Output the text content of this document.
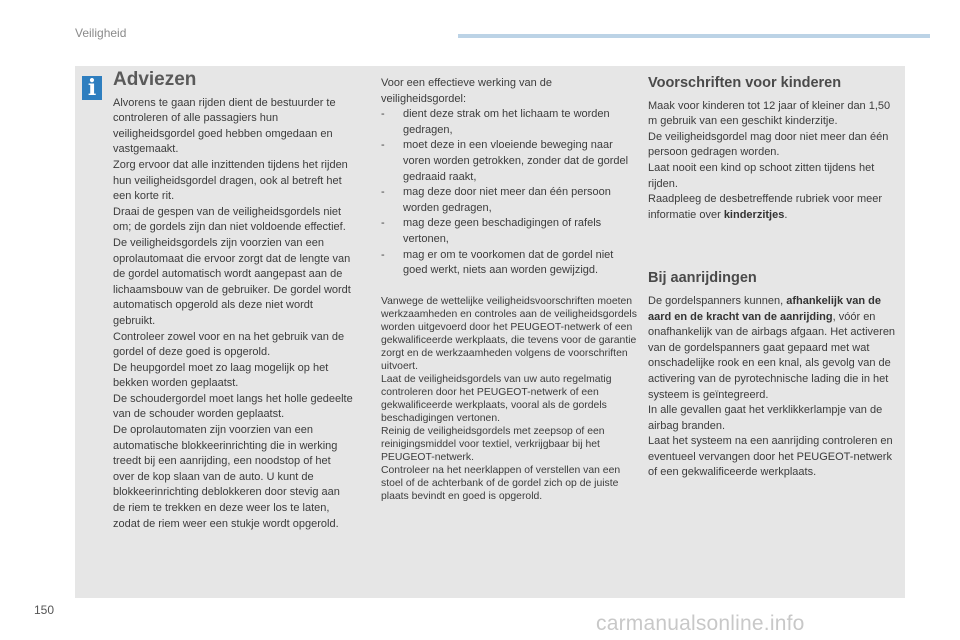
Veiligheid
i Adviezen

Alvorens te gaan rijden dient de bestuurder te controleren of alle passagiers hun veiligheidsgordel goed hebben omgedaan en vastgemaakt.
Zorg ervoor dat alle inzittenden tijdens het rijden hun veiligheidsgordel dragen, ook al betreft het een korte rit.
Draai de gespen van de veiligheidsgordels niet om; de gordels zijn dan niet voldoende effectief.
De veiligheidsgordels zijn voorzien van een oprolautomaat die ervoor zorgt dat de lengte van de gordel automatisch wordt aangepast aan de lichaamsbouw van de gebruiker. De gordel wordt automatisch opgerold als deze niet wordt gebruikt.
Controleer zowel voor en na het gebruik van de gordel of deze goed is opgerold.
De heupgordel moet zo laag mogelijk op het bekken worden geplaatst.
De schoudergordel moet langs het holle gedeelte van de schouder worden geplaatst.
De oprolautomaten zijn voorzien van een automatische blokkeerinrichting die in werking treedt bij een aanrijding, een noodstop of het over de kop slaan van de auto. U kunt de blokkeerinrichting deblokkeren door stevig aan de riem te trekken en deze weer los te laten, zodat de riem weer een stukje wordt opgerold.

Voor een effectieve werking van de veiligheidsgordel:

- dient deze strak om het lichaam te worden gedragen,
- moet deze in een vloeiende beweging naar voren worden getrokken, zonder dat de gordel gedraaid raakt,
- mag deze door niet meer dan één persoon worden gedragen,
- mag deze geen beschadigingen of rafels vertonen,
- mag er om te voorkomen dat de gordel niet goed werkt, niets aan worden gewijzigd.

Vanwege de wettelijke veiligheidsvoorschriften moeten werkzaamheden en controles aan de veiligheidsgordels worden uitgevoerd door het PEUGEOT-netwerk of een gekwalificeerde werkplaats, die tevens voor de garantie zorgt en de werkzaamheden volgens de voorschriften uitvoert.
Laat de veiligheidsgordels van uw auto regelmatig controleren door het PEUGEOT-netwerk of een gekwalificeerde werkplaats, vooral als de gordels beschadigingen vertonen.
Reinig de veiligheidsgordels met zeepsop of een reinigingsmiddel voor textiel, verkrijgbaar bij het PEUGEOT-netwerk.
Controleer na het neerklappen of verstellen van een stoel of de achterbank of de gordel zich op de juiste plaats bevindt en goed is opgerold.

Voorschriften voor kinderen

Maak voor kinderen tot 12 jaar of kleiner dan 1,50 m gebruik van een geschikt kinderzitje.
De veiligheidsgordel mag door niet meer dan één persoon gedragen worden.
Laat nooit een kind op schoot zitten tijdens het rijden.
Raadpleeg de desbetreffende rubriek voor meer informatie over kinderzitjes.

Bij aanrijdingen

De gordelspanners kunnen, afhankelijk van de aard en de kracht van de aanrijding, vóór en onafhankelijk van de airbags afgaan. Het activeren van de gordelspanners gaat gepaard met wat onschadelijke rook en een knal, als gevolg van de activering van de pyrotechnische lading die in het systeem is geïntegreerd.
In alle gevallen gaat het verklikkerlampje van de airbag branden.
Laat het systeem na een aanrijding controleren en eventueel vervangen door het PEUGEOT-netwerk of een gekwalificeerde werkplaats.

150
carmanualsonline.info
